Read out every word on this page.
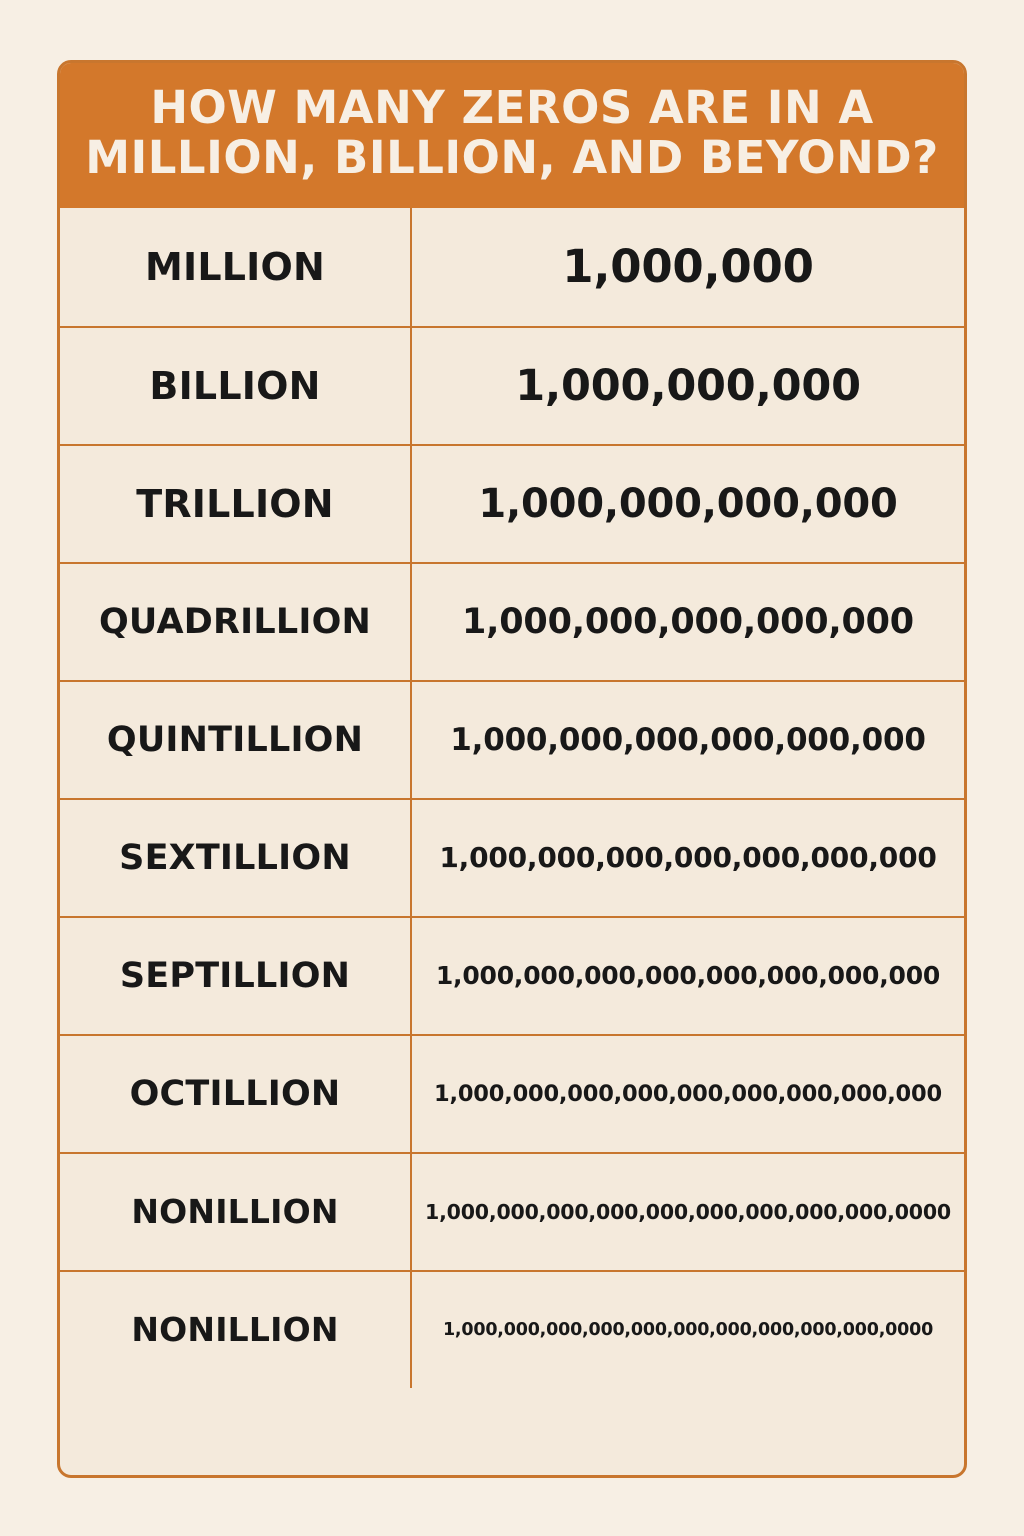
HOW MANY ZEROS ARE IN A MILLION, BILLION, AND BEYOND?
MILLION	1,000,000
BILLION	1,000,000,000
TRILLION	1,000,000,000,000
QUADRILLION	1,000,000,000,000,000
QUINTILLION	1,000,000,000,000,000,000
SEXTILLION	1,000,000,000,000,000,000,000
SEPTILLION	1,000,000,000,000,000,000,000,000
OCTILLION	1,000,000,000,000,000,000,000,000,000
NONILLION	1,000,000,000,000,000,000,000,000,000,0000
NONILLION	1,000,000,000,000,000,000,000,000,000,000,0000
